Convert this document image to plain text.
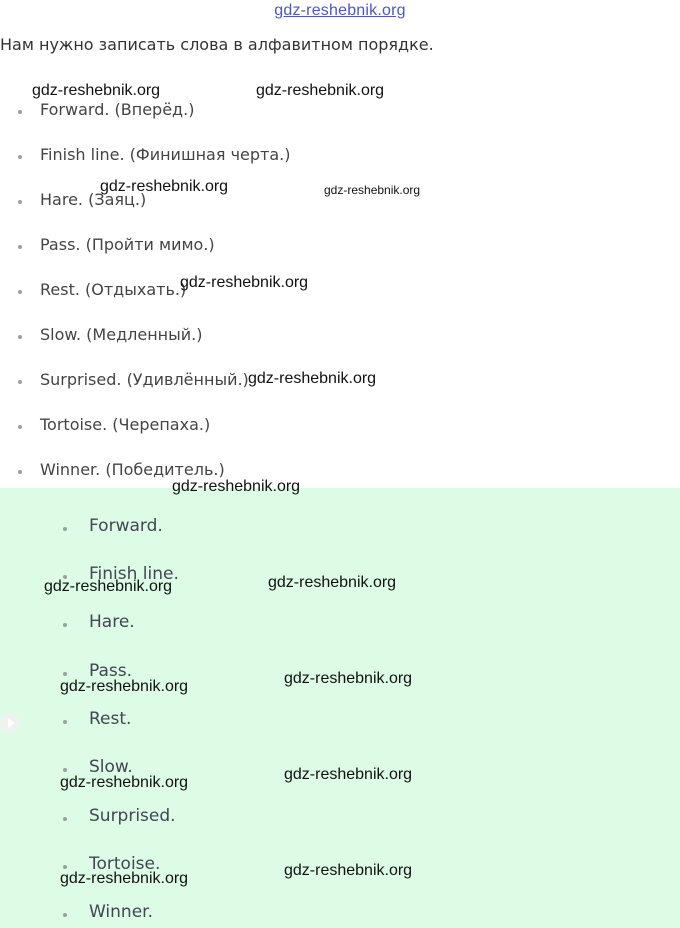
gdz-reshebnik.org
Нам нужно записать слова в алфавитном порядке.
Forward. (Вперёд.)
Finish line. (Финишная черта.)
Hare. (Заяц.)
Pass. (Пройти мимо.)
Rest. (Отдыхать.)
Slow. (Медленный.)
Surprised. (Удивлённый.)
Tortoise. (Черепаха.)
Winner. (Победитель.)
Forward.
Finish line.
Hare.
Pass.
Rest.
Slow.
Surprised.
Tortoise.
Winner.
gdz-reshebnik.org	gdz-reshebnik.org
gdz-reshebnik.org	gdz-reshebnik.org
gdz-reshebnik.org
gdz-reshebnik.org
gdz-reshebnik.org
gdz-reshebnik.org	gdz-reshebnik.org
gdz-reshebnik.org	gdz-reshebnik.org
gdz-reshebnik.org	gdz-reshebnik.org
gdz-reshebnik.org	gdz-reshebnik.org
